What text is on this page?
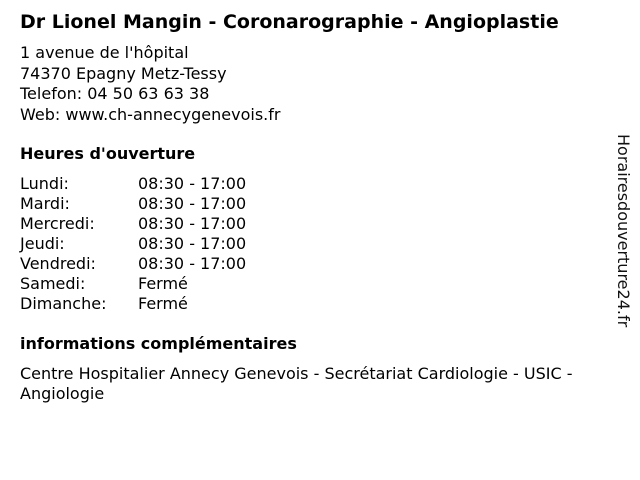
Dr Lionel Mangin - Coronarographie - Angioplastie
1 avenue de l'hôpital
74370 Epagny Metz-Tessy
Telefon: 04 50 63 63 38
Web: www.ch-annecygenevois.fr
Heures d'ouverture
Lundi:	08:30 - 17:00
Mardi:	08:30 - 17:00
Mercredi:	08:30 - 17:00
Jeudi:	08:30 - 17:00
Vendredi:	08:30 - 17:00
Samedi:	Fermé
Dimanche:	Fermé
informations complémentaires
Centre Hospitalier Annecy Genevois - Secrétariat Cardiologie - USIC - Angiologie
Horairesdouverture24.fr
